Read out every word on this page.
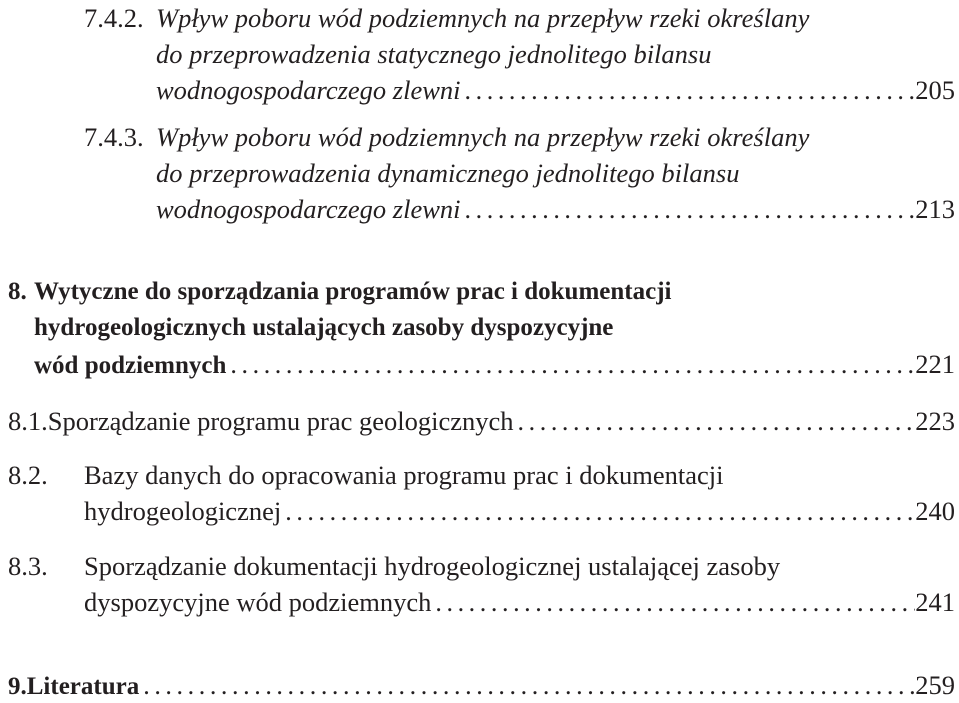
7.4.2. Wpływ poboru wód podziemnych na przepływ rzeki określany
do przeprowadzenia statycznego jednolitego bilansu
wodnogospodarczego zlewni .....	205
7.4.3. Wpływ poboru wód podziemnych na przepływ rzeki określany
do przeprowadzenia dynamicznego jednolitego bilansu
wodnogospodarczego zlewni .....	213
8. Wytyczne do sporządzania programów prac i dokumentacji
hydrogeologicznych ustalających zasoby dyspozycyjne
wód podziemnych .....	221
8.1. Sporządzanie programu prac geologicznych .....	223
8.2. Bazy danych do opracowania programu prac i dokumentacji
hydrogeologicznej .....	240
8.3. Sporządzanie dokumentacji hydrogeologicznej ustalającej zasoby
dyspozycyjne wód podziemnych .....	241
9. Literatura .....	259
